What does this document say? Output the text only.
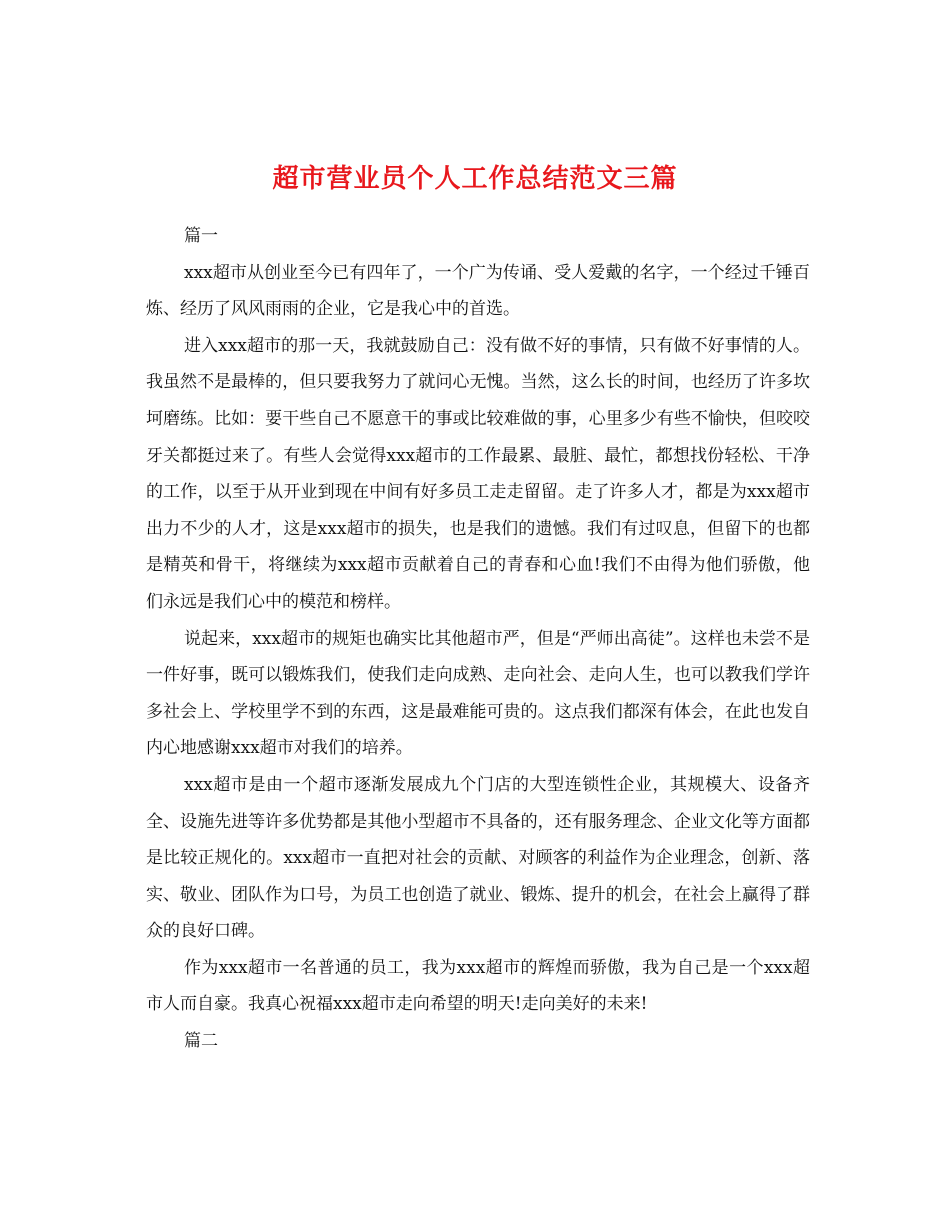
超市营业员个人工作总结范文三篇

篇一

xxx超市从创业至今已有四年了，一个广为传诵、受人爱戴的名字，一个经过千锤百炼、经历了风风雨雨的企业，它是我心中的首选。

进入xxx超市的那一天，我就鼓励自己：没有做不好的事情，只有做不好事情的人。我虽然不是最棒的，但只要我努力了就问心无愧。当然，这么长的时间，也经历了许多坎坷磨练。比如：要干些自己不愿意干的事或比较难做的事，心里多少有些不愉快，但咬咬牙关都挺过来了。有些人会觉得xxx超市的工作最累、最脏、最忙，都想找份轻松、干净的工作，以至于从开业到现在中间有好多员工走走留留。走了许多人才，都是为xxx超市出力不少的人才，这是xxx超市的损失，也是我们的遗憾。我们有过叹息，但留下的也都是精英和骨干，将继续为xxx超市贡献着自己的青春和心血!我们不由得为他们骄傲，他们永远是我们心中的模范和榜样。

说起来，xxx超市的规矩也确实比其他超市严，但是“严师出高徒”。这样也未尝不是一件好事，既可以锻炼我们，使我们走向成熟、走向社会、走向人生，也可以教我们学许多社会上、学校里学不到的东西，这是最难能可贵的。这点我们都深有体会，在此也发自内心地感谢xxx超市对我们的培养。

xxx超市是由一个超市逐渐发展成九个门店的大型连锁性企业，其规模大、设备齐全、设施先进等许多优势都是其他小型超市不具备的，还有服务理念、企业文化等方面都是比较正规化的。xxx超市一直把对社会的贡献、对顾客的利益作为企业理念，创新、落实、敬业、团队作为口号，为员工也创造了就业、锻炼、提升的机会，在社会上赢得了群众的良好口碑。

作为xxx超市一名普通的员工，我为xxx超市的辉煌而骄傲，我为自己是一个xxx超市人而自豪。我真心祝福xxx超市走向希望的明天!走向美好的未来!

篇二
